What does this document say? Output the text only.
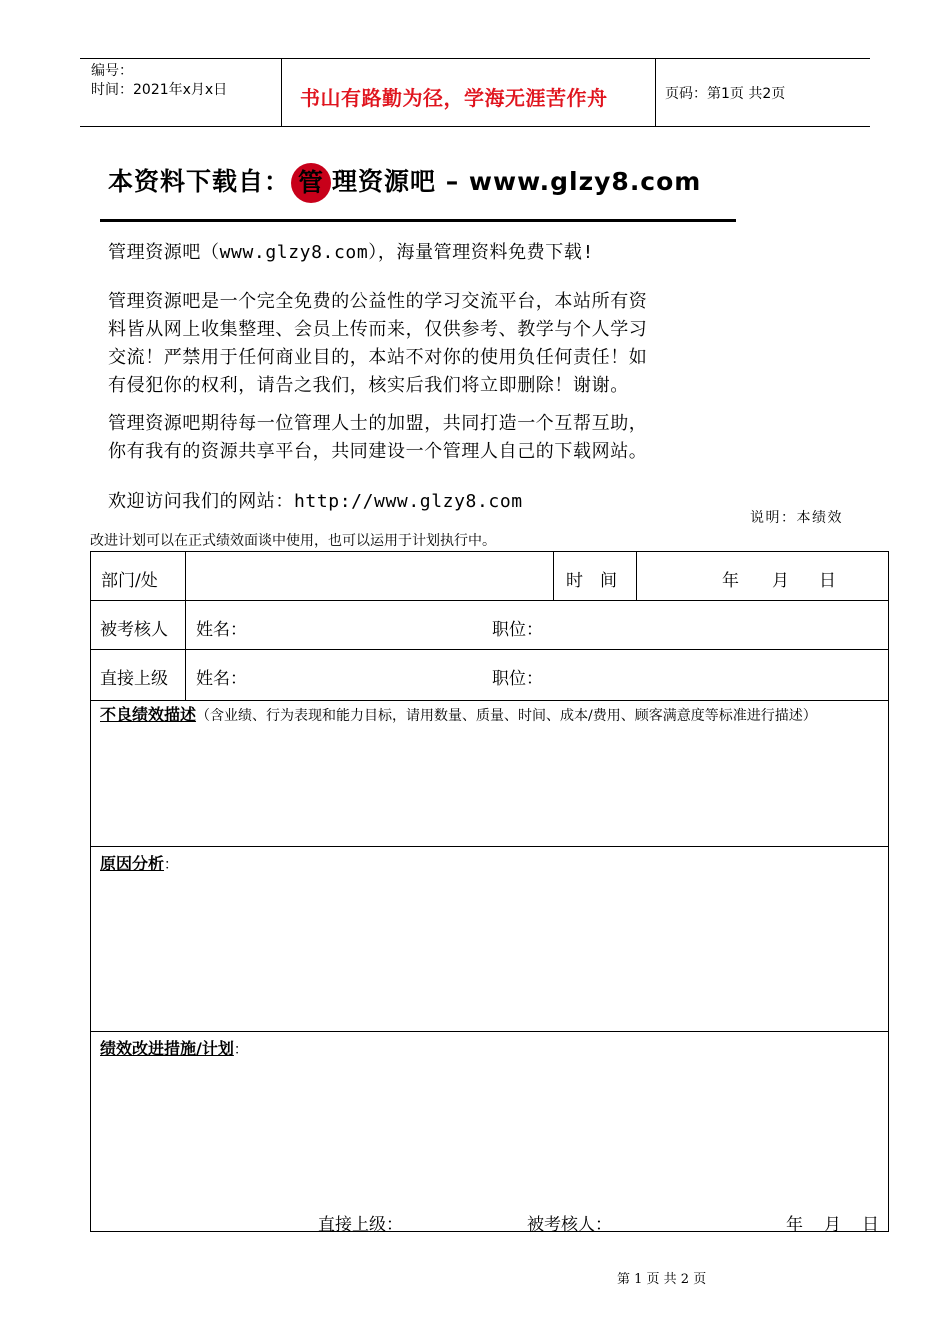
编号：
时间：2021年x月x日	书山有路勤为径，学海无涯苦作舟	页码：第1页 共2页
本资料下载自： 管 理资源吧 – www.glzy8.com
管理资源吧（www.glzy8.com），海量管理资料免费下载!
管理资源吧是一个完全免费的公益性的学习交流平台，本站所有资
料皆从网上收集整理、会员上传而来，仅供参考、教学与个人学习
交流！严禁用于任何商业目的，本站不对你的使用负任何责任！如
有侵犯你的权利，请告之我们，核实后我们将立即删除！谢谢。
管理资源吧期待每一位管理人士的加盟，共同打造一个互帮互助，
你有我有的资源共享平台，共同建设一个管理人自己的下载网站。
欢迎访问我们的网站：http://www.glzy8.com
说明：本绩效
改进计划可以在正式绩效面谈中使用，也可以运用于计划执行中。
部门/处	时　间	年 月 日
被考核人 姓名：	职位：
直接上级 姓名：	职位：
不良绩效描述（含业绩、行为表现和能力目标，请用数量、质量、时间、成本/费用、顾客满意度等标准进行描述）
原因分析：
绩效改进措施/计划：
直接上级：	被考核人：	年 月 日
第 1 页 共 2 页
